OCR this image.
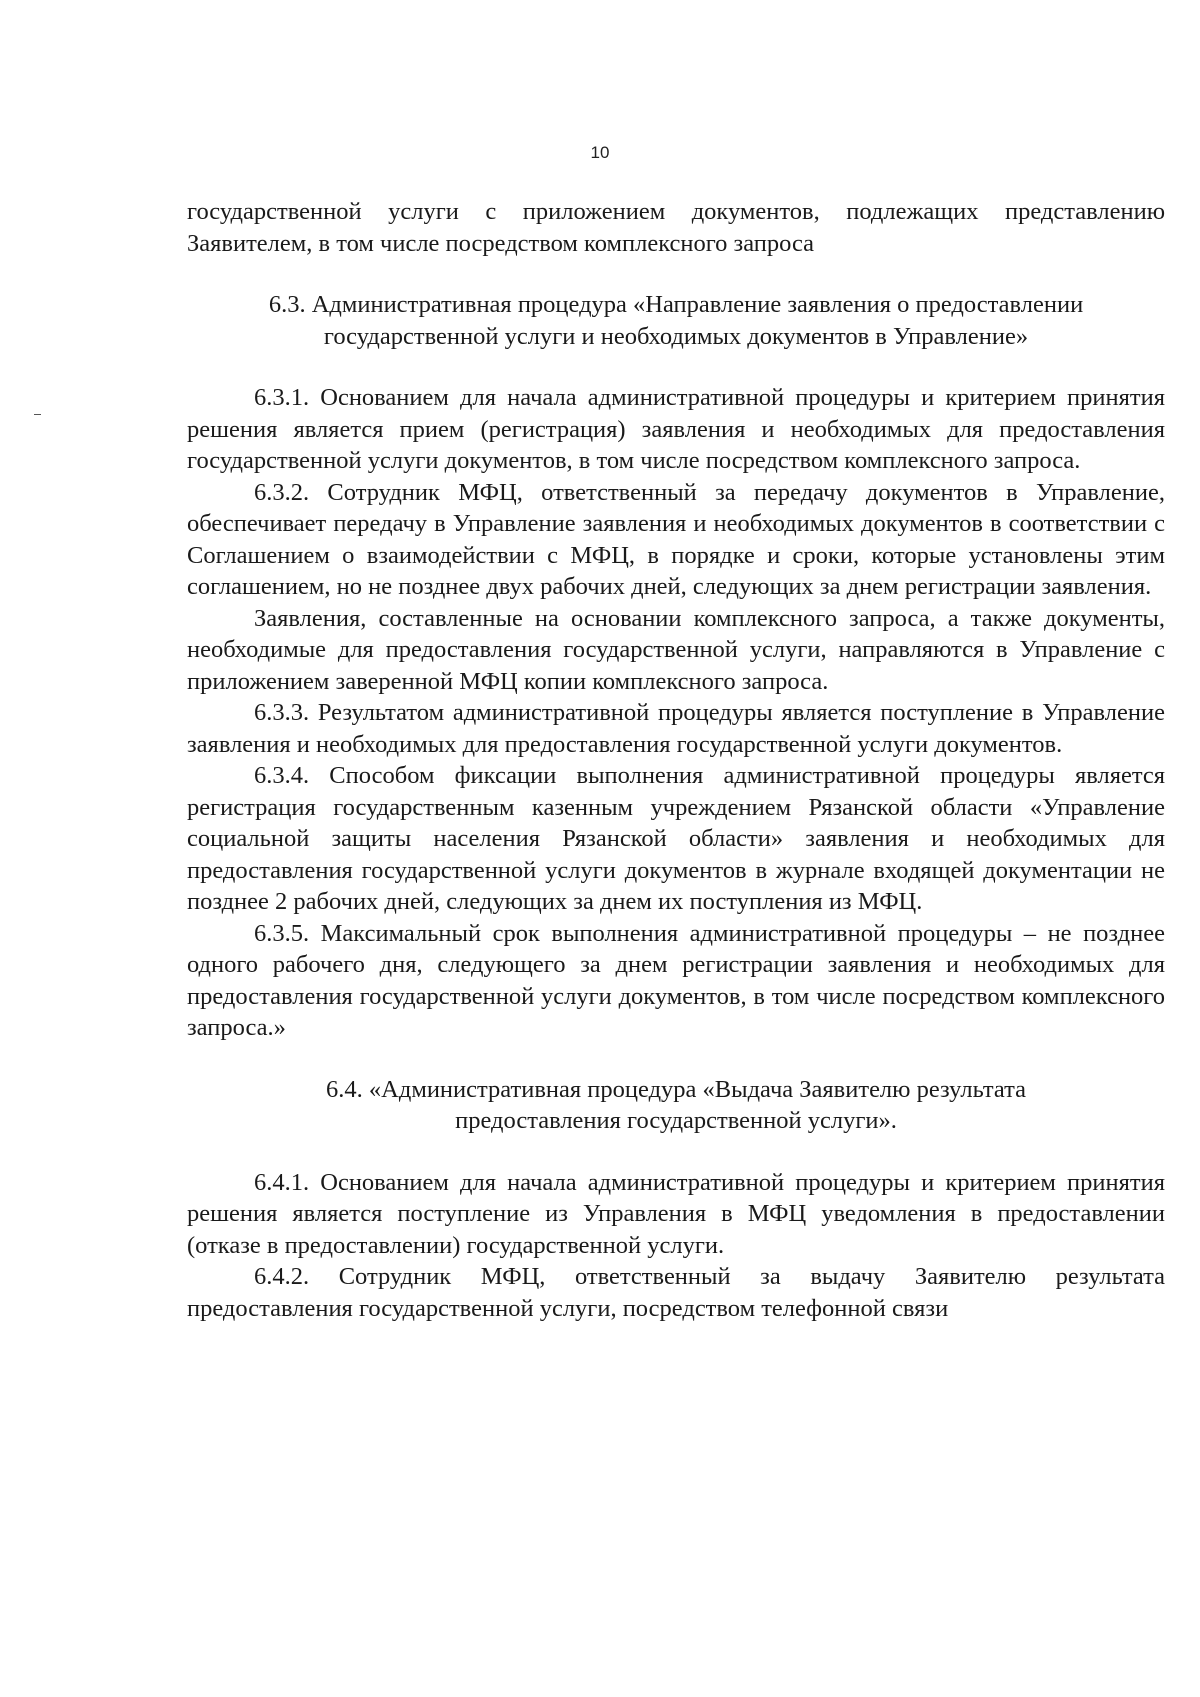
10

государственной услуги с приложением документов, подлежащих представлению Заявителем, в том числе посредством комплексного запроса

6.3. Административная процедура «Направление заявления о предоставлении
государственной услуги и необходимых документов в Управление»

6.3.1. Основанием для начала административной процедуры и критерием принятия решения является прием (регистрация) заявления и необходимых для предоставления государственной услуги документов, в том числе посредством комплексного запроса.

6.3.2. Сотрудник МФЦ, ответственный за передачу документов в Управление, обеспечивает передачу в Управление заявления и необходимых документов в соответствии с Соглашением о взаимодействии с МФЦ, в порядке и сроки, которые установлены этим соглашением, но не позднее двух рабочих дней, следующих за днем регистрации заявления.

Заявления, составленные на основании комплексного запроса, а также документы, необходимые для предоставления государственной услуги, направляются в Управление с приложением заверенной МФЦ копии комплексного запроса.

6.3.3. Результатом административной процедуры является поступление в Управление заявления и необходимых для предоставления государственной услуги документов.

6.3.4. Способом фиксации выполнения административной процедуры является регистрация государственным казенным учреждением Рязанской области «Управление социальной защиты населения Рязанской области» заявления и необходимых для предоставления государственной услуги документов в журнале входящей документации не позднее 2 рабочих дней, следующих за днем их поступления из МФЦ.

6.3.5. Максимальный срок выполнения административной процедуры – не позднее одного рабочего дня, следующего за днем регистрации заявления и необходимых для предоставления государственной услуги документов, в том числе посредством комплексного запроса.»

6.4. «Административная процедура «Выдача Заявителю результата
предоставления государственной услуги».

6.4.1. Основанием для начала административной процедуры и критерием принятия решения является поступление из Управления в МФЦ уведомления в предоставлении (отказе в предоставлении) государственной услуги.

6.4.2. Сотрудник МФЦ, ответственный за выдачу Заявителю результата предоставления государственной услуги, посредством телефонной связи
